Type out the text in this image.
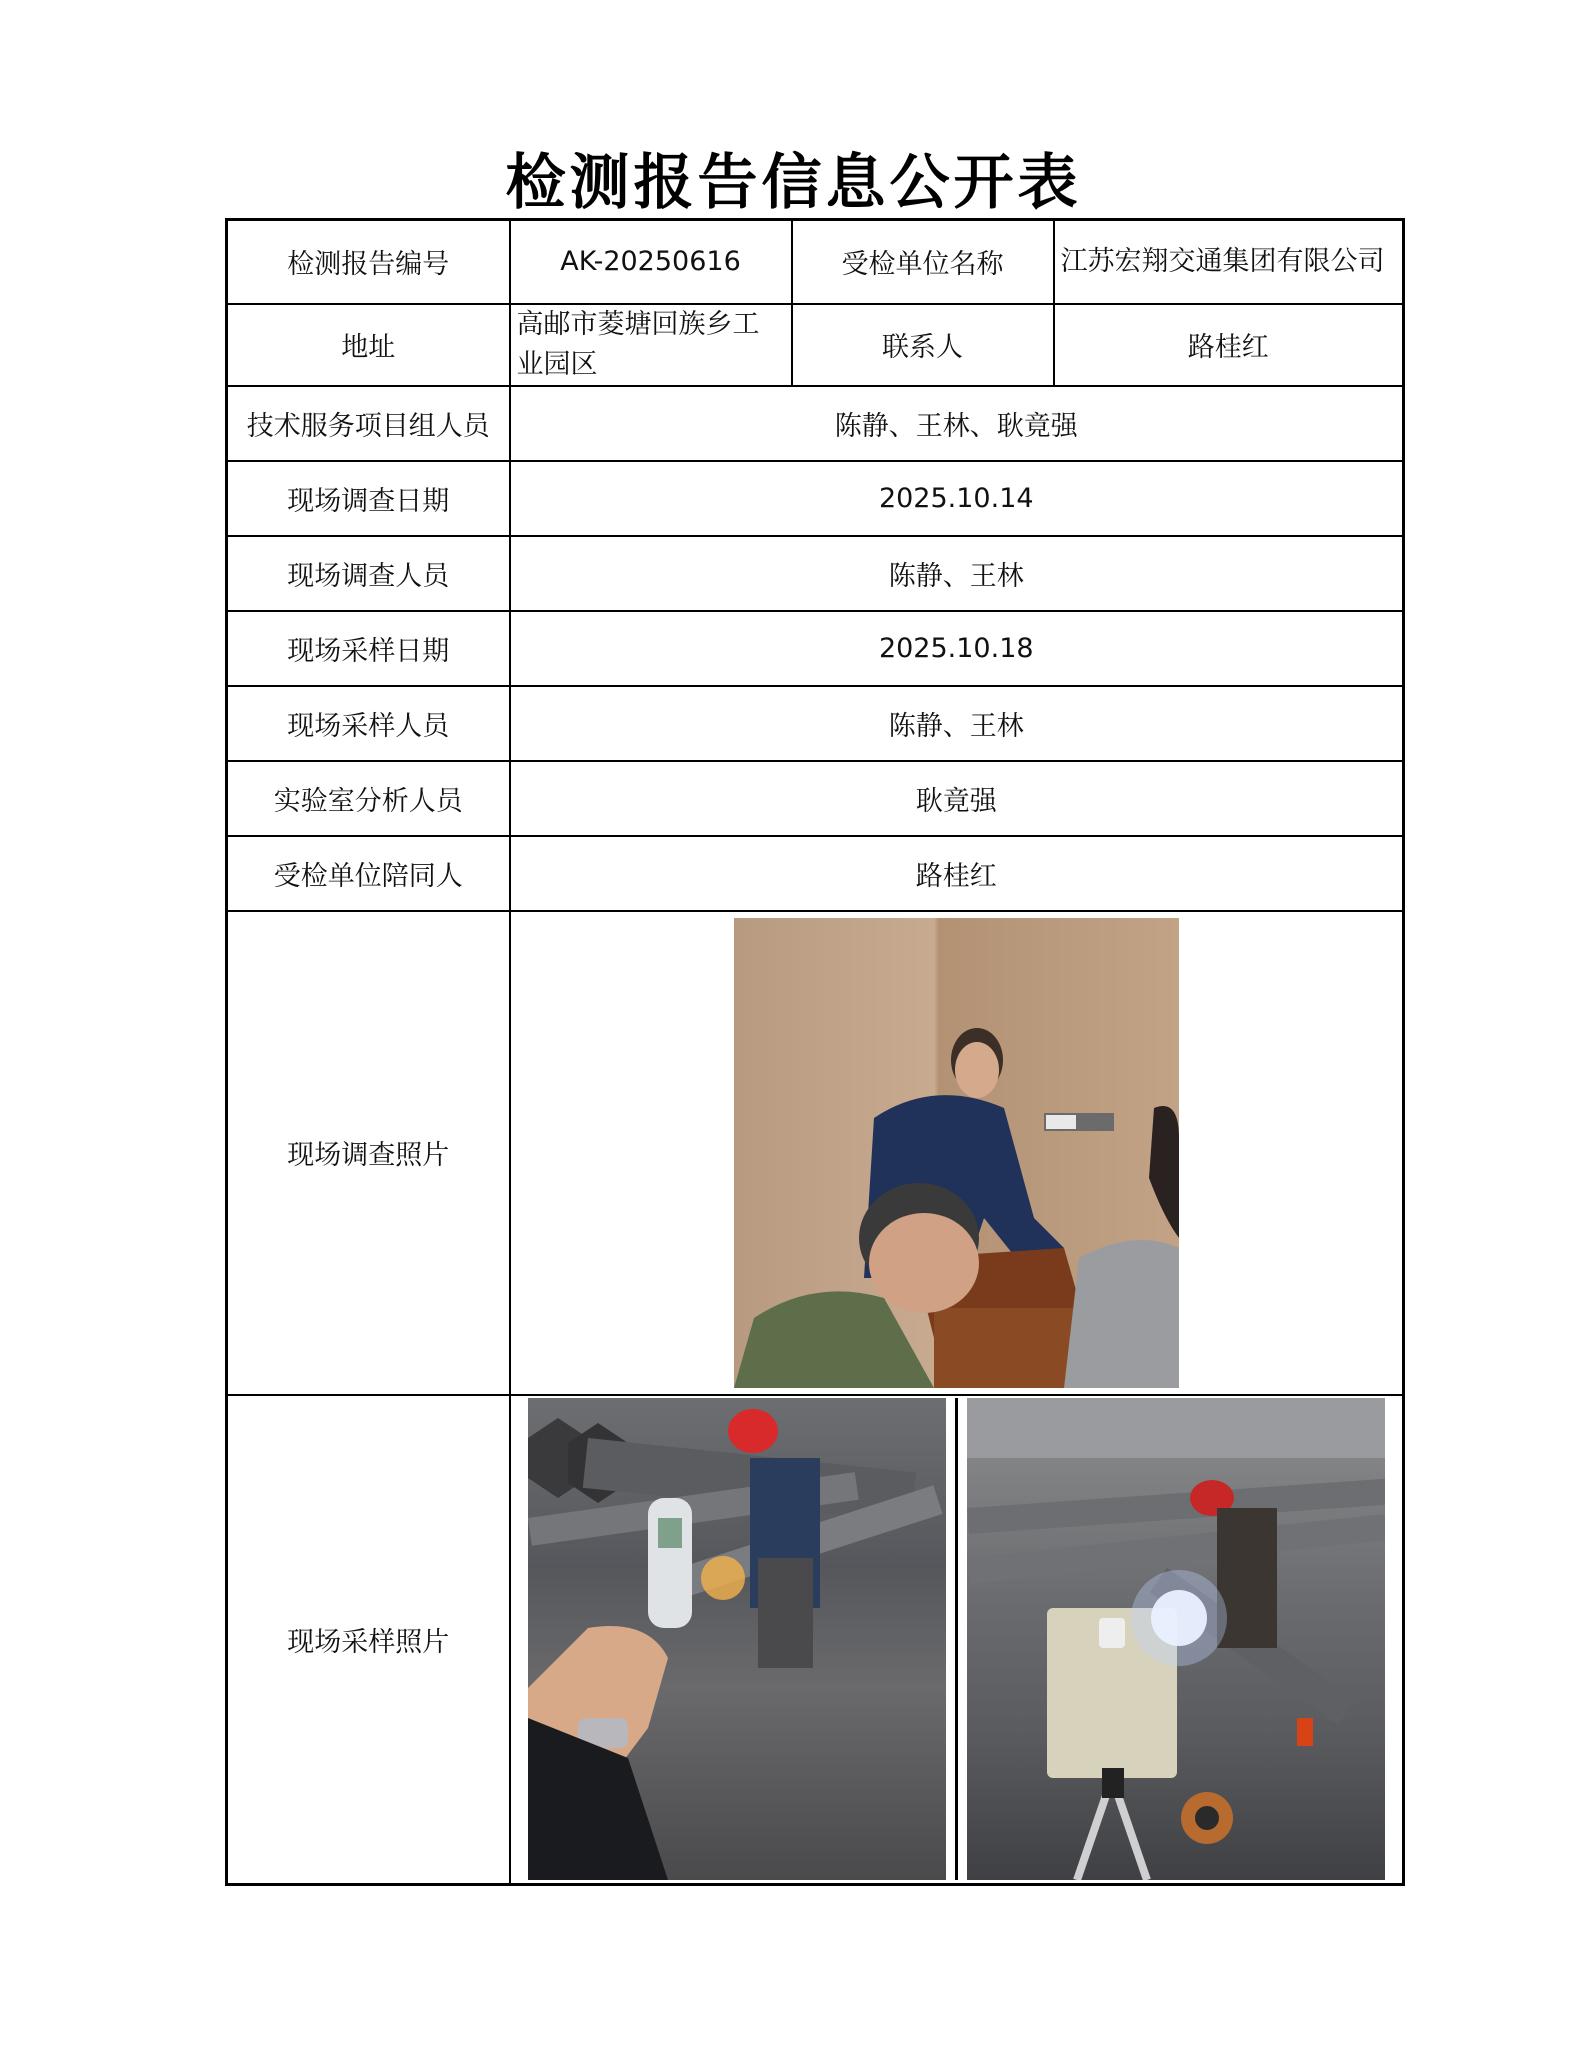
检测报告信息公开表
检测报告编号	AK-20250616	受检单位名称	江苏宏翔交通集团有限公司
地址	高邮市菱塘回族乡工业园区	联系人	路桂红
技术服务项目组人员	陈静、王林、耿竟强		
现场调查日期	2025.10.14		
现场调查人员	陈静、王林		
现场采样日期	2025.10.18		
现场采样人员	陈静、王林		
实验室分析人员	耿竟强		
受检单位陪同人	路桂红		
现场调查照片	

现场采样照片	
